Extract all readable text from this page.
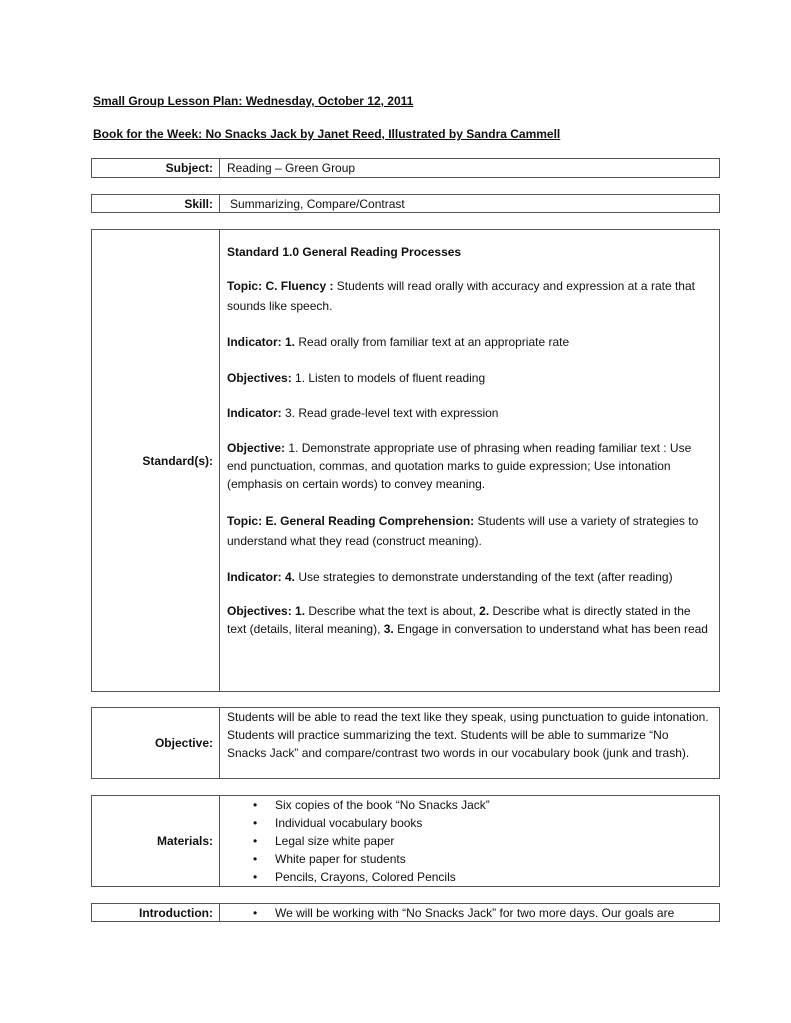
Small Group Lesson Plan: Wednesday, October 12, 2011
Book for the Week: No Snacks Jack by Janet Reed, Illustrated by Sandra Cammell
Subject:	Reading – Green Group
Skill:	Summarizing, Compare/Contrast
Standard(s):
Standard 1.0 General Reading Processes
Topic: C. Fluency : Students will read orally with accuracy and expression at a rate that sounds like speech.
Indicator: 1. Read orally from familiar text at an appropriate rate
Objectives: 1. Listen to models of fluent reading
Indicator: 3. Read grade-level text with expression
Objective: 1. Demonstrate appropriate use of phrasing when reading familiar text : Use end punctuation, commas, and quotation marks to guide expression; Use intonation (emphasis on certain words) to convey meaning.
Topic: E. General Reading Comprehension: Students will use a variety of strategies to understand what they read (construct meaning).
Indicator: 4. Use strategies to demonstrate understanding of the text (after reading)
Objectives: 1. Describe what the text is about, 2. Describe what is directly stated in the text (details, literal meaning), 3. Engage in conversation to understand what has been read
Objective:
Students will be able to read the text like they speak, using punctuation to guide intonation. Students will practice summarizing the text. Students will be able to summarize “No Snacks Jack” and compare/contrast two words in our vocabulary book (junk and trash).
Materials:
• Six copies of the book “No Snacks Jack”
• Individual vocabulary books
• Legal size white paper
• White paper for students
• Pencils, Crayons, Colored Pencils
Introduction:	• We will be working with “No Snacks Jack” for two more days. Our goals are
